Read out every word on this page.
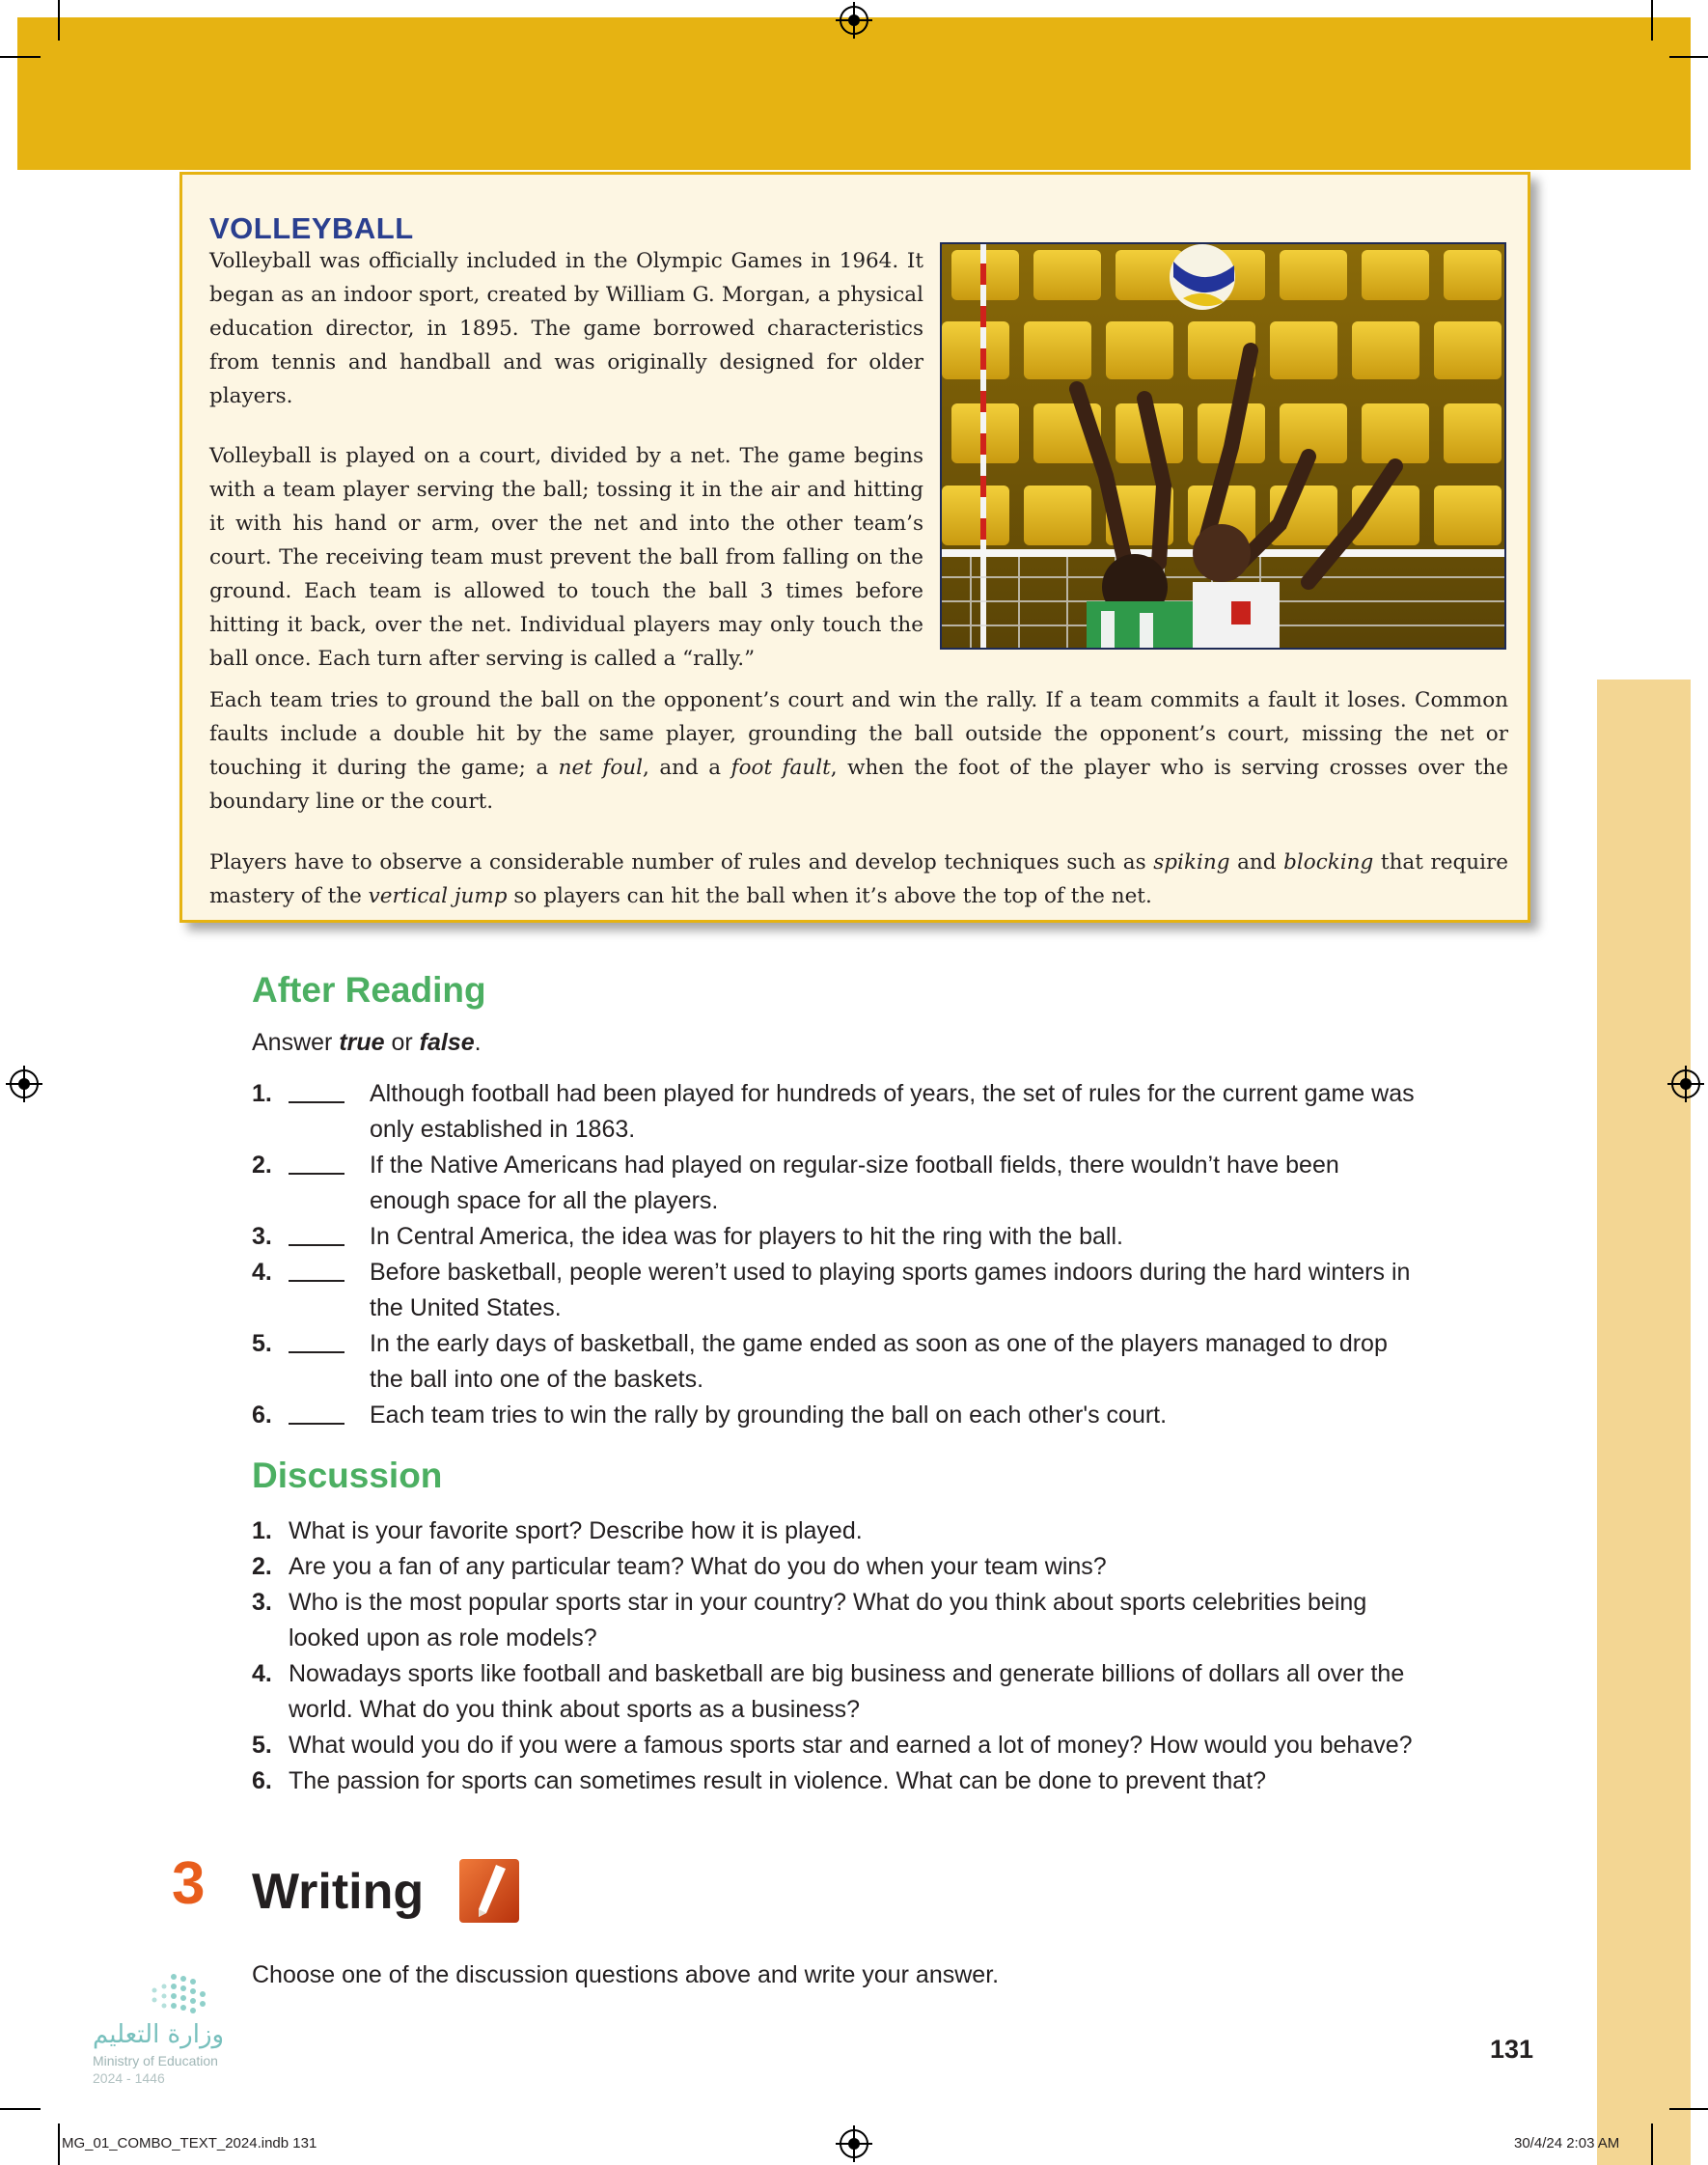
VOLLEYBALL

Volleyball was officially included in the Olympic Games in 1964. It began as an indoor sport, created by William G. Morgan, a physical education director, in 1895. The game borrowed characteristics from tennis and handball and was originally designed for older players.

Volleyball is played on a court, divided by a net. The game begins with a team player serving the ball; tossing it in the air and hitting it with his hand or arm, over the net and into the other team’s court. The receiving team must prevent the ball from falling on the ground. Each team is allowed to touch the ball 3 times before hitting it back, over the net. Individual players may only touch the ball once. Each turn after serving is called a “rally.”

Each team tries to ground the ball on the opponent’s court and win the rally. If a team commits a fault it loses. Common faults include a double hit by the same player, grounding the ball outside the opponent’s court, missing the net or touching it during the game; a net foul, and a foot fault, when the foot of the player who is serving crosses over the boundary line or the court.

Players have to observe a considerable number of rules and develop techniques such as spiking and blocking that require mastery of the vertical jump so players can hit the ball when it’s above the top of the net.

After Reading
Answer true or false.
1.	Although football had been played for hundreds of years, the set of rules for the current game was only established in 1863.
2.	If the Native Americans had played on regular-size football fields, there wouldn’t have been enough space for all the players.
3.	In Central America, the idea was for players to hit the ring with the ball.
4.	Before basketball, people weren’t used to playing sports games indoors during the hard winters in the United States.
5.	In the early days of basketball, the game ended as soon as one of the players managed to drop the ball into one of the baskets.
6.	Each team tries to win the rally by grounding the ball on each other's court.
Discussion
1. What is your favorite sport? Describe how it is played.
2. Are you a fan of any particular team? What do you do when your team wins?
3. Who is the most popular sports star in your country? What do you think about sports celebrities being looked upon as role models?
4. Nowadays sports like football and basketball are big business and generate billions of dollars all over the world. What do you think about sports as a business?
5. What would you do if you were a famous sports star and earned a lot of money? How would you behave?
6. The passion for sports can sometimes result in violence. What can be done to prevent that?
3 Writing
Choose one of the discussion questions above and write your answer.
وزارة التعليم
Ministry of Education
2024 - 1446
131
MG_01_COMBO_TEXT_2024.indb 131	30/4/24 2:03 AM
